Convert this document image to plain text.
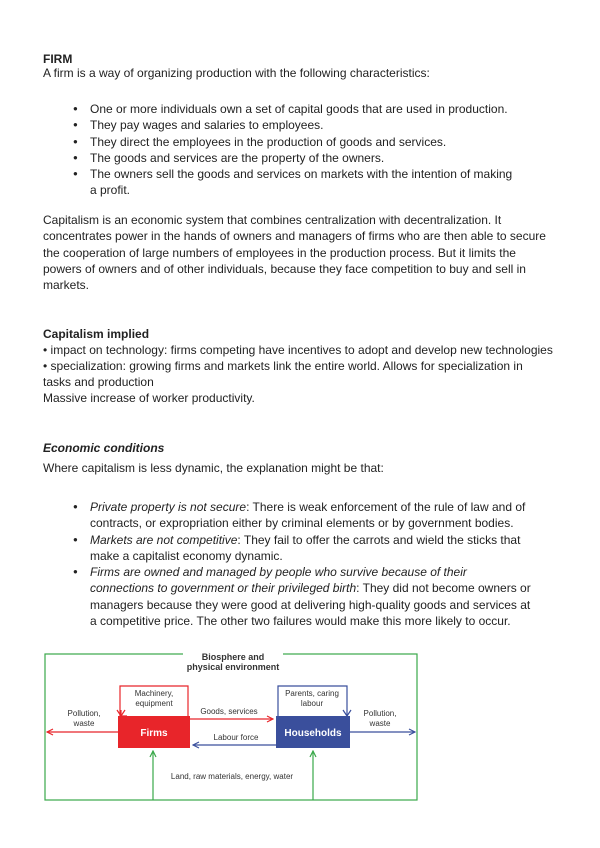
FIRM
A firm is a way of organizing production with the following characteristics:
● One or more individuals own a set of capital goods that are used in production.
● They pay wages and salaries to employees.
● They direct the employees in the production of goods and services.
● The goods and services are the property of the owners.
● The owners sell the goods and services on markets with the intention of making a profit.
Capitalism is an economic system that combines centralization with decentralization. It concentrates power in the hands of owners and managers of firms who are then able to secure the cooperation of large numbers of employees in the production process. But it limits the powers of owners and of other individuals, because they face competition to buy and sell in markets.
Capitalism implied
• impact on technology: firms competing have incentives to adopt and develop new technologies
• specialization: growing firms and markets link the entire world. Allows for specialization in tasks and production
Massive increase of worker productivity.
Economic conditions
Where capitalism is less dynamic, the explanation might be that:
● Private property is not secure: There is weak enforcement of the rule of law and of contracts, or expropriation either by criminal elements or by government bodies.
● Markets are not competitive: They fail to offer the carrots and wield the sticks that make a capitalist economy dynamic.
● Firms are owned and managed by people who survive because of their connections to government or their privileged birth: They did not become owners or managers because they were good at delivering high-quality goods and services at a competitive price. The other two failures would make this more likely to occur.
Biosphere and
physical environment
Firms	Households
Machinery,
equipment
Parents, caring
labour
Goods, services
Labour force
Pollution,
waste
Pollution,
waste
Land, raw materials, energy, water
